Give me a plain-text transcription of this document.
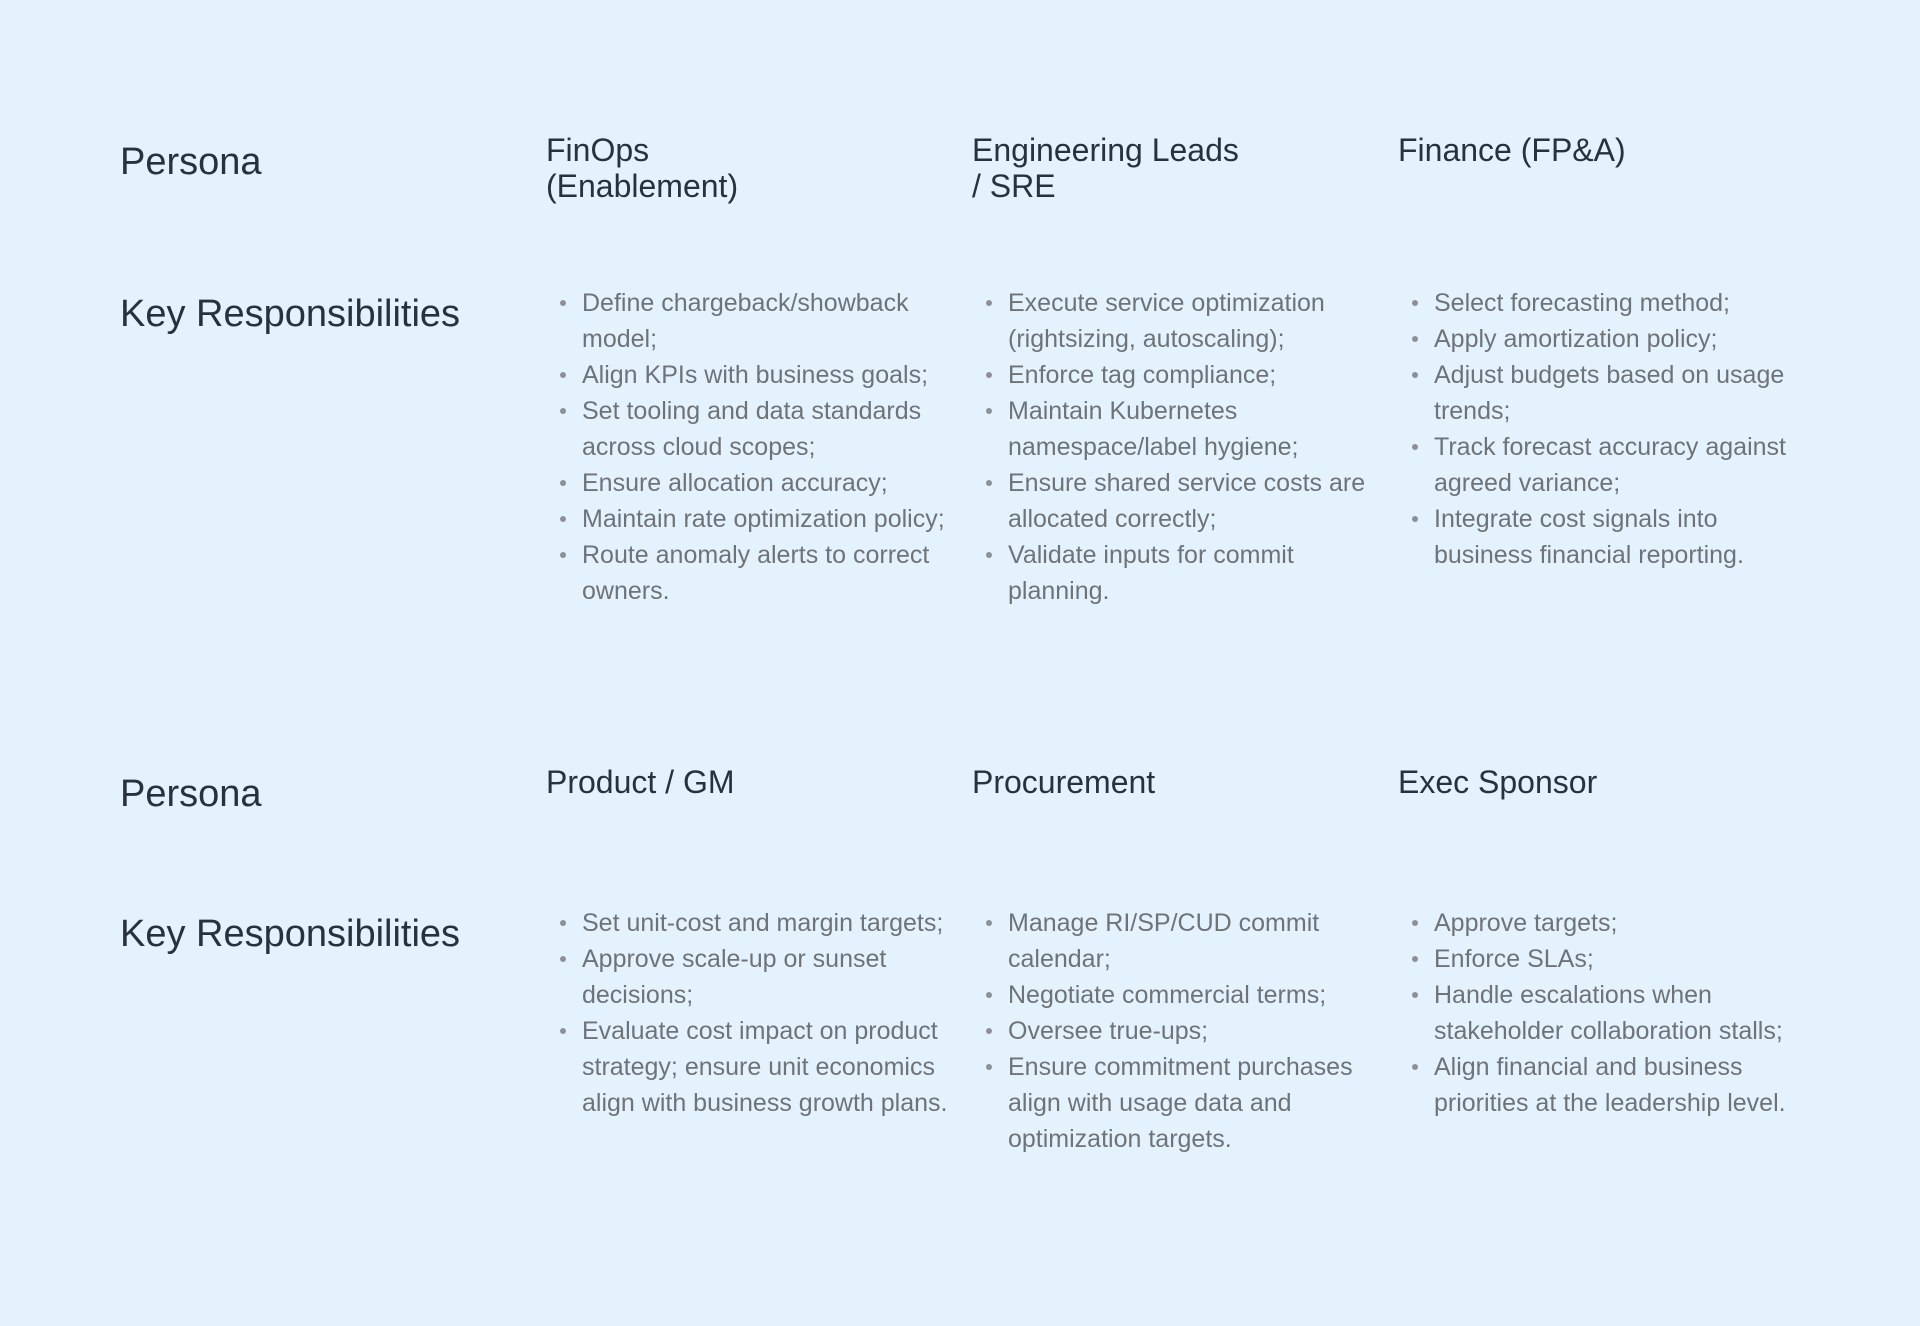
Persona
Key Responsibilities
FinOps
(Enablement)
Engineering Leads
/ SRE
Finance (FP&A)
Define chargeback/showback model;
Align KPIs with business goals;
Set tooling and data standards across cloud scopes;
Ensure allocation accuracy;
Maintain rate optimization policy;
Route anomaly alerts to correct owners.
Execute service optimization (rightsizing, autoscaling);
Enforce tag compliance;
Maintain Kubernetes namespace/label hygiene;
Ensure shared service costs are allocated correctly;
Validate inputs for commit planning.
Select forecasting method;
Apply amortization policy;
Adjust budgets based on usage trends;
Track forecast accuracy against agreed variance;
Integrate cost signals into business financial reporting.
Persona
Key Responsibilities
Product / GM	Procurement	Exec Sponsor
Set unit-cost and margin targets;
Approve scale-up or sunset decisions;
Evaluate cost impact on product strategy; ensure unit economics align with business growth plans.
Manage RI/SP/CUD commit calendar;
Negotiate commercial terms;
Oversee true-ups;
Ensure commitment purchases align with usage data and optimization targets.
Approve targets;
Enforce SLAs;
Handle escalations when stakeholder collaboration stalls;
Align financial and business priorities at the leadership level.
